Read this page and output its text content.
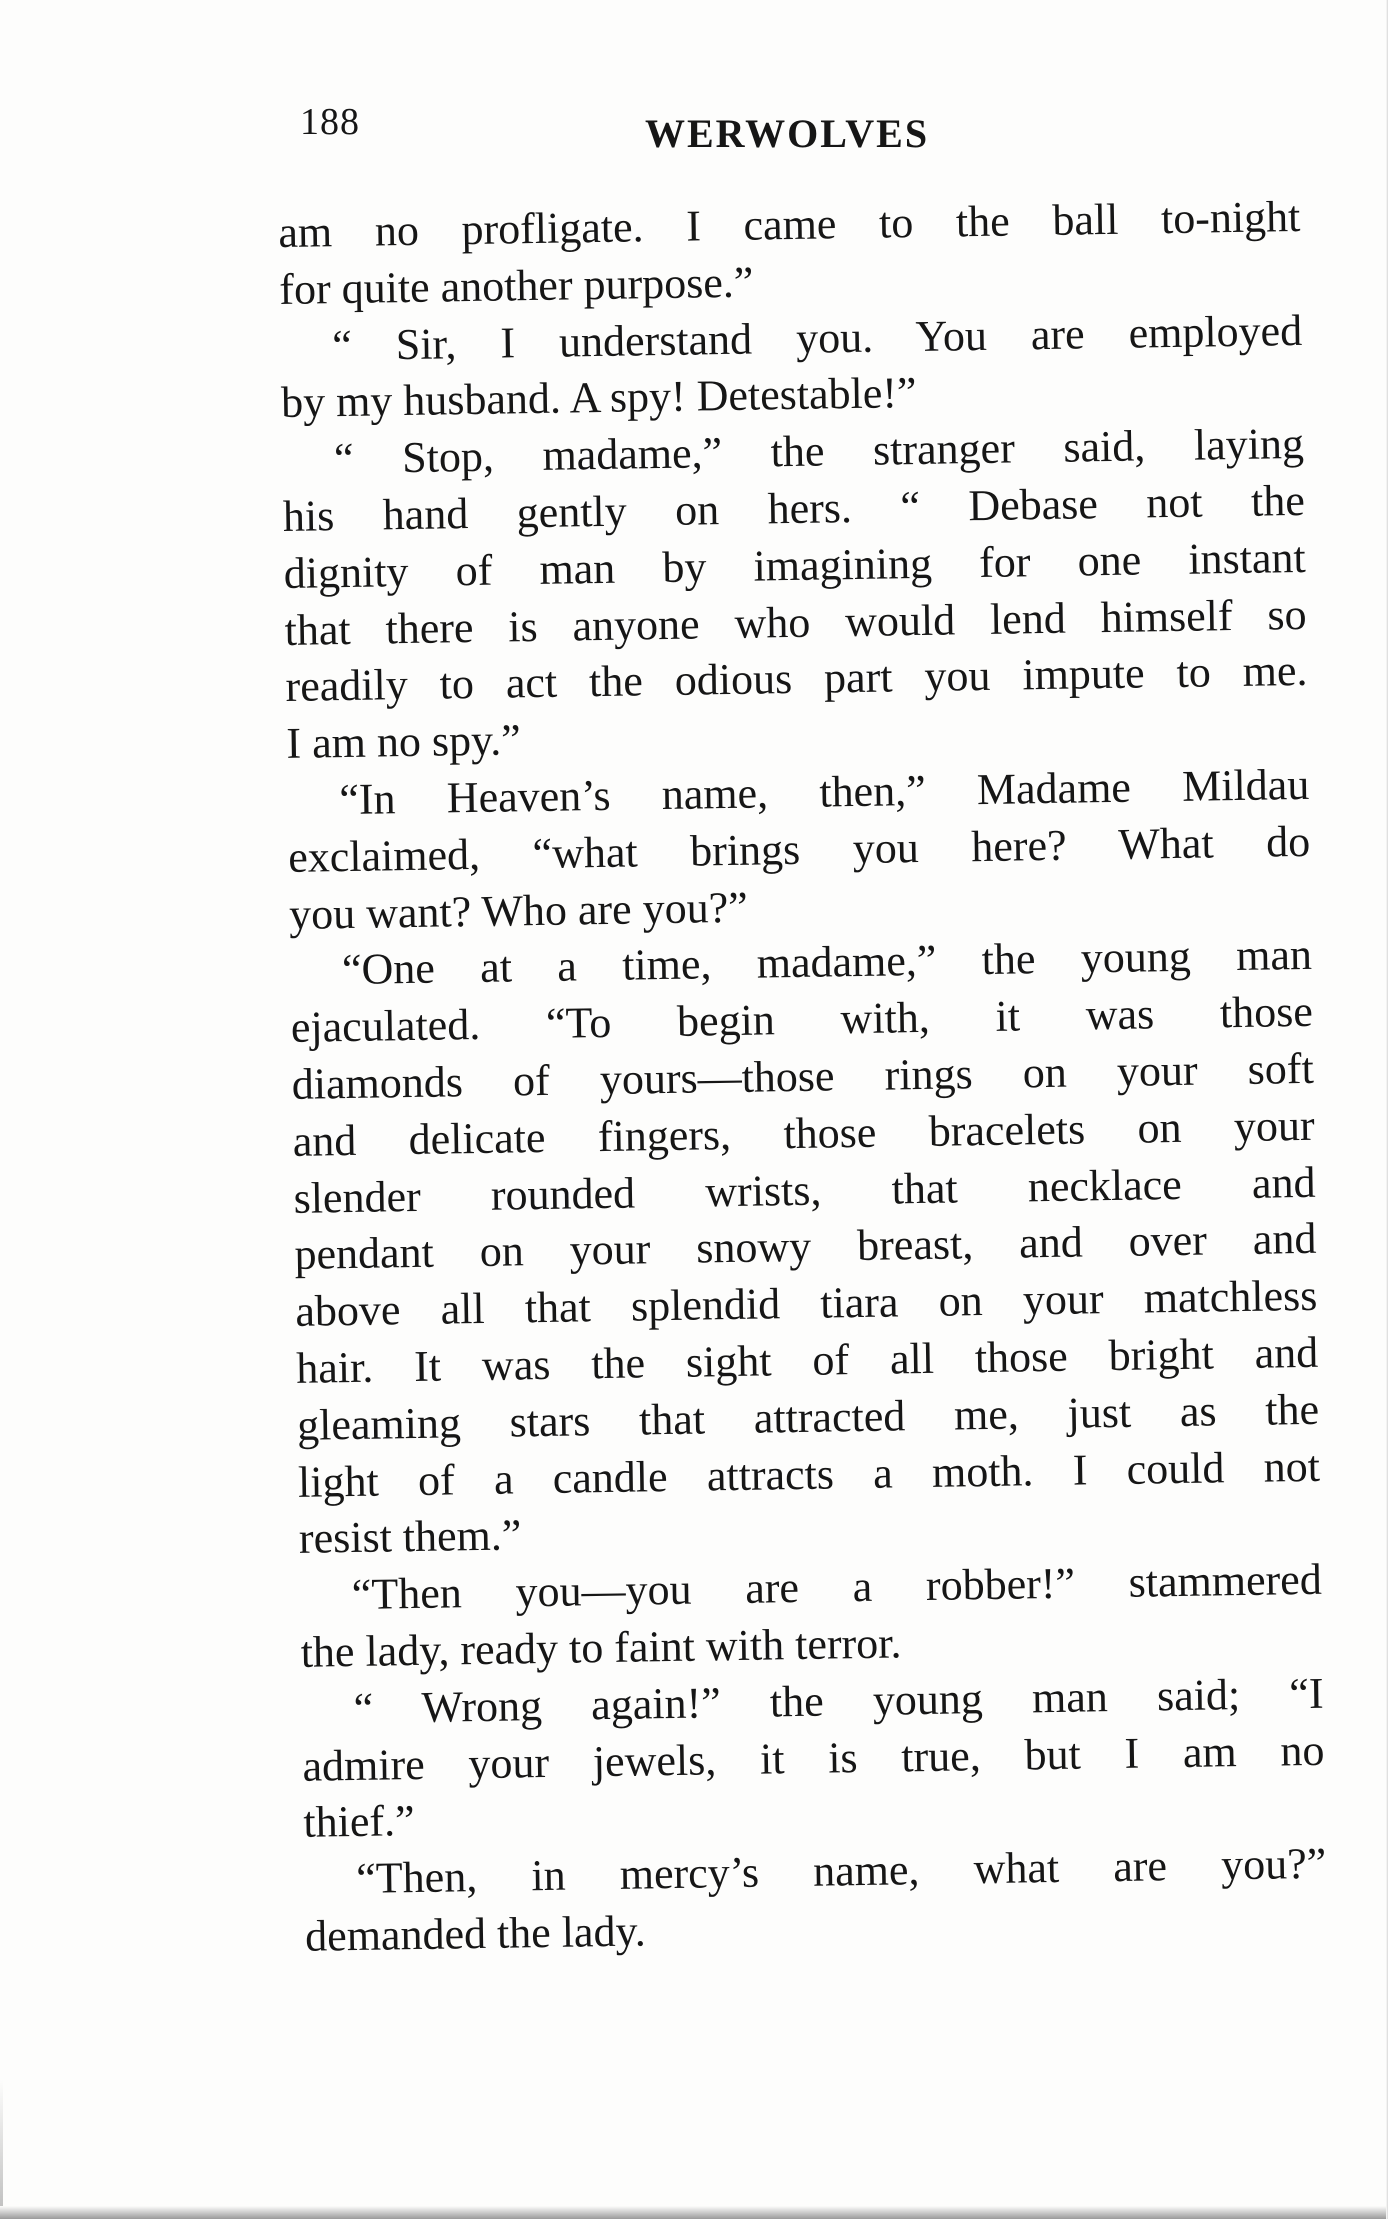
188	WERWOLVES
am no profligate. I came to the ball to-night
for quite another purpose.”
“ Sir, I understand you. You are employed
by my husband. A spy! Detestable!”
“ Stop, madame,” the stranger said, laying
his hand gently on hers. “ Debase not the
dignity of man by imagining for one instant
that there is anyone who would lend himself so
readily to act the odious part you impute to me.
I am no spy.”
“In Heaven’s name, then,” Madame Mildau
exclaimed, “what brings you here? What do
you want? Who are you?”
“One at a time, madame,” the young man
ejaculated. “To begin with, it was those
diamonds of yours—those rings on your soft
and delicate fingers, those bracelets on your
slender rounded wrists, that necklace and
pendant on your snowy breast, and over and
above all that splendid tiara on your matchless
hair. It was the sight of all those bright and
gleaming stars that attracted me, just as the
light of a candle attracts a moth. I could not
resist them.”
“Then you—you are a robber!” stammered
the lady, ready to faint with terror.
“ Wrong again!” the young man said; “I
admire your jewels, it is true, but I am no
thief.”
“Then, in mercy’s name, what are you?”
demanded the lady.
